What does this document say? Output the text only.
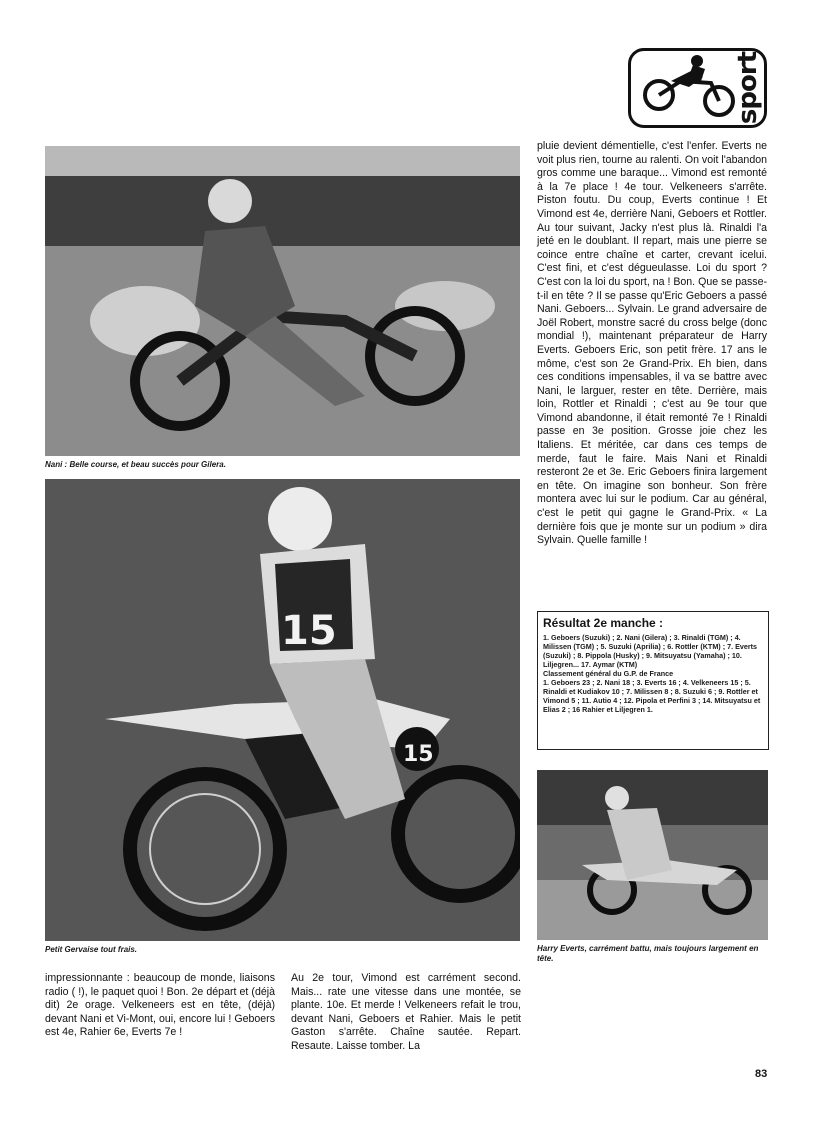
sport
Nani : Belle course, et beau succès pour Gilera.
15
15
Petit Gervaise tout frais.

pluie devient démentielle, c'est l'enfer. Everts ne voit plus rien, tourne au ralenti. On voit l'abandon gros comme une baraque... Vimond est remonté à la 7e place ! 4e tour. Velkeneers s'arrête. Piston foutu. Du coup, Everts continue ! Et Vimond est 4e, derrière Nani, Geboers et Rottler. Au tour suivant, Jacky n'est plus là. Rinaldi l'a jeté en le doublant. Il repart, mais une pierre se coince entre chaîne et carter, crevant icelui. C'est fini, et c'est dégueulasse. Loi du sport ? C'est con la loi du sport, na ! Bon. Que se passe-t-il en tête ? Il se passe qu'Eric Geboers a passé Nani. Geboers... Sylvain. Le grand adversaire de Joël Robert, monstre sacré du cross belge (donc mondial !), maintenant préparateur de Harry Everts. Geboers Eric, son petit frère. 17 ans le môme, c'est son 2e Grand-Prix. Eh bien, dans ces conditions impensables, il va se battre avec Nani, le larguer, rester en tête. Derrière, mais loin, Rottler et Rinaldi ; c'est au 9e tour que Vimond abandonne, il était remonté 7e ! Rinaldi passe en 3e position. Grosse joie chez les Italiens. Et méritée, car dans ces temps de merde, faut le faire. Mais Nani et Rinaldi resteront 2e et 3e. Eric Geboers finira largement en tête. On imagine son bonheur. Son frère montera avec lui sur le podium. Car au général, c'est le petit qui gagne le Grand-Prix. « La dernière fois que je monte sur un podium » dira Sylvain. Quelle famille !

Résultat 2e manche :
1. Geboers (Suzuki) ; 2. Nani (Gilera) ; 3. Rinaldi (TGM) ; 4. Milissen (TGM) ; 5. Suzuki (Aprilia) ; 6. Rottler (KTM) ; 7. Everts (Suzuki) ; 8. Pippola (Husky) ; 9. Mitsuyatsu (Yamaha) ; 10. Liljegren... 17. Aymar (KTM)
Classement général du G.P. de France
1. Geboers 23 ; 2. Nani 18 ; 3. Everts 16 ; 4. Velkeneers 15 ; 5. Rinaldi et Kudiakov 10 ; 7. Milissen 8 ; 8. Suzuki 6 ; 9. Rottler et Vimond 5 ; 11. Autio 4 ; 12. Pipola et Perfini 3 ; 14. Mitsuyatsu et Elias 2 ; 16 Rahier et Liljegren 1.
Harry Everts, carrément battu, mais toujours largement en tête.

impressionnante : beaucoup de monde, liaisons radio ( !), le paquet quoi ! Bon. 2e départ et (déjà dit) 2e orage. Velkeneers est en tête, (déjà) devant Nani et Vi-Mont, oui, encore lui ! Geboers est 4e, Rahier 6e, Everts 7e !

Au 2e tour, Vimond est carrément second. Mais... rate une vitesse dans une montée, se plante. 10e. Et merde ! Velkeneers refait le trou, devant Nani, Geboers et Rahier. Mais le petit Gaston s'arrête. Chaîne sautée. Repart. Resaute. Laisse tomber. La

83
